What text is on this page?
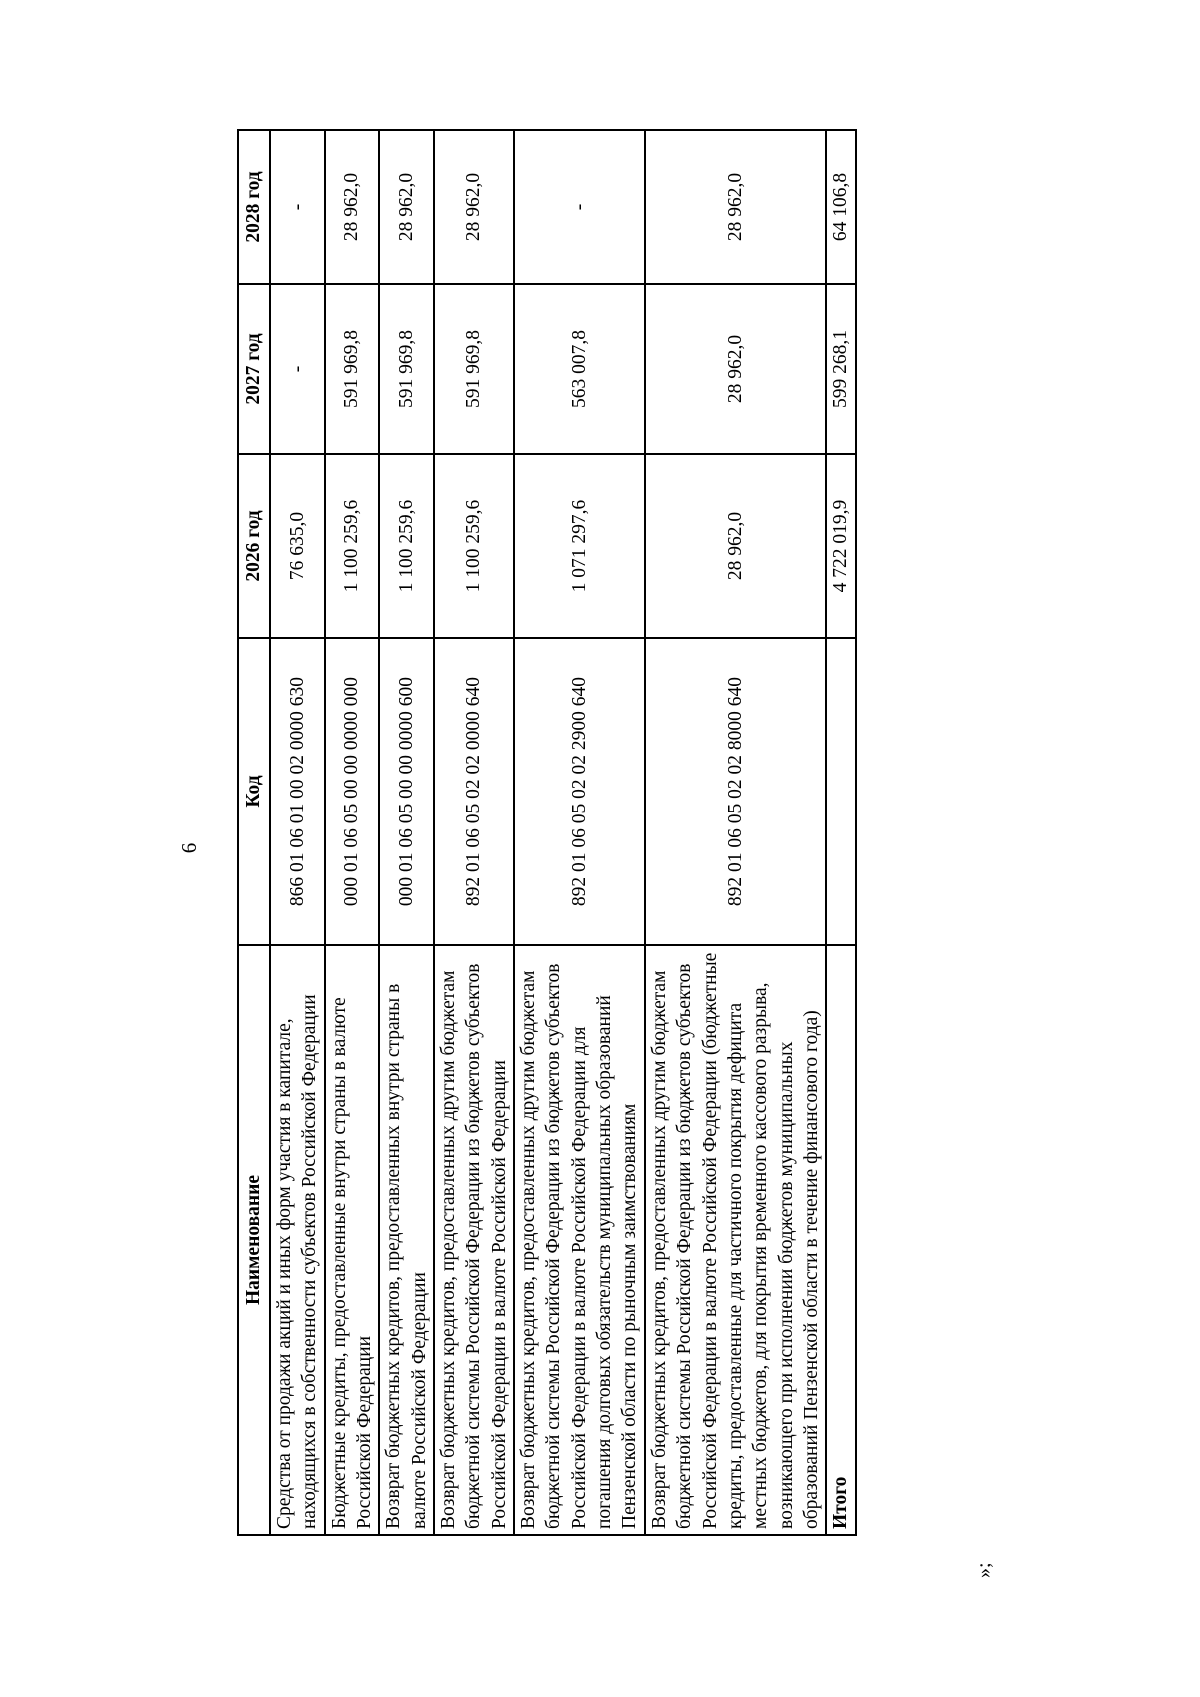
6
Наименование	Код	2026 год	2027 год	2028 год
Средства от продажи акций и иных форм участия в капитале, находящихся в собственности субъектов Российской Федерации	866 01 06 01 00 02 0000 630	76 635,0	-	-
Бюджетные кредиты, предоставленные внутри страны в валюте Российской Федерации	000 01 06 05 00 00 0000 000	1 100 259,6	591 969,8	28 962,0
Возврат бюджетных кредитов, предоставленных внутри страны в валюте Российской Федерации	000 01 06 05 00 00 0000 600	1 100 259,6	591 969,8	28 962,0
Возврат бюджетных кредитов, предоставленных другим бюджетам бюджетной системы Российской Федерации из бюджетов субъектов Российской Федерации в валюте Российской Федерации	892 01 06 05 02 02 0000 640	1 100 259,6	591 969,8	28 962,0
Возврат бюджетных кредитов, предоставленных другим бюджетам бюджетной системы Российской Федерации из бюджетов субъектов Российской Федерации в валюте Российской Федерации для погашения долговых обязательств муниципальных образований Пензенской области по рыночным заимствованиям	892 01 06 05 02 02 2900 640	1 071 297,6	563 007,8	-
Возврат бюджетных кредитов, предоставленных другим бюджетам бюджетной системы Российской Федерации из бюджетов субъектов Российской Федерации в валюте Российской Федерации (бюджетные кредиты, предоставленные для частичного покрытия дефицита местных бюджетов, для покрытия временного кассового разрыва, возникающего при исполнении бюджетов муниципальных образований Пензенской области в течение финансового года)	892 01 06 05 02 02 8000 640	28 962,0	28 962,0	28 962,0
Итого		4 722 019,9	599 268,1	64 106,8
»;
